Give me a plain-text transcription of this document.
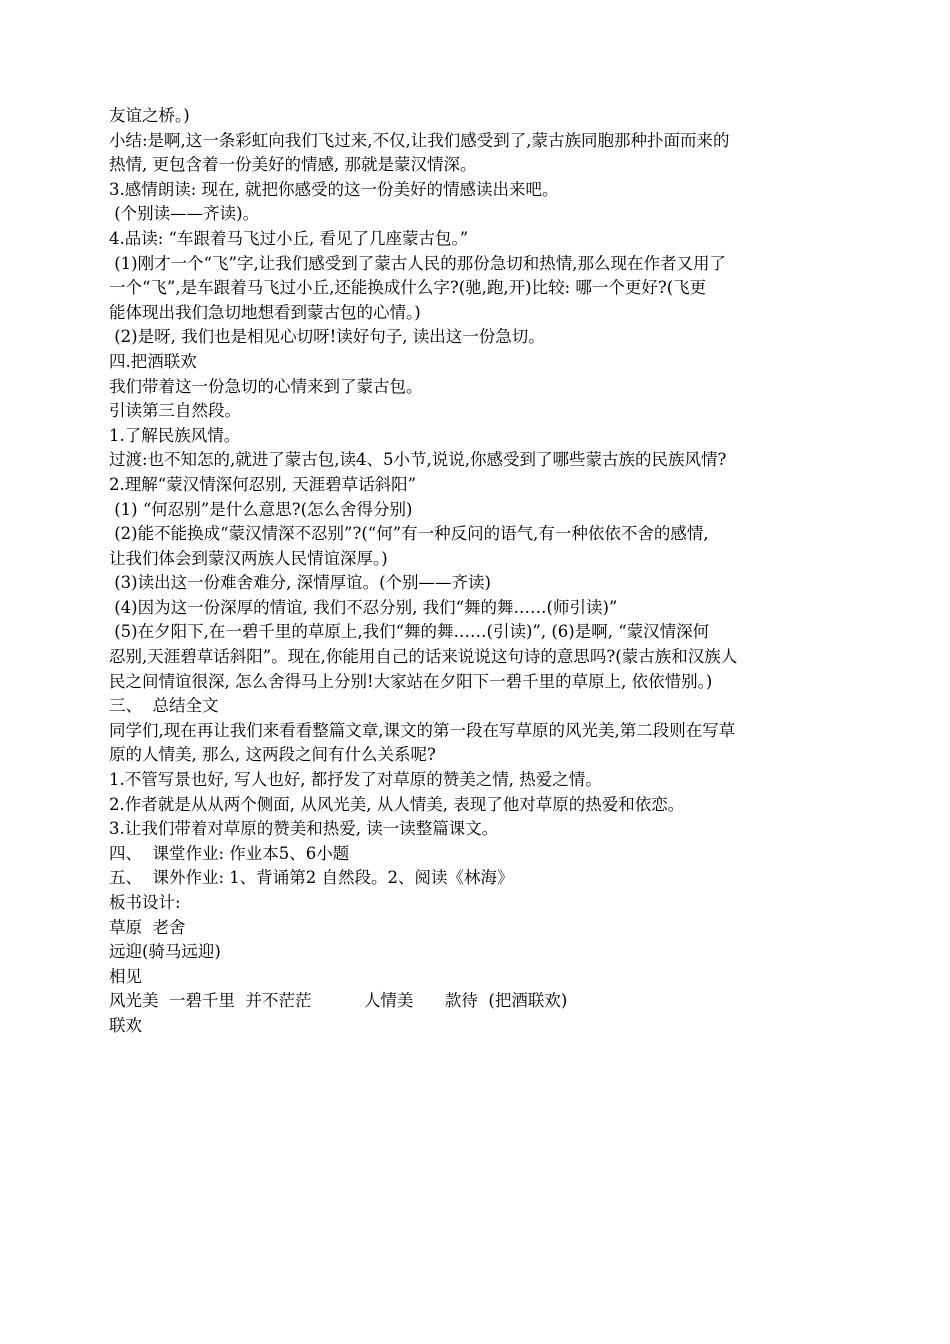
友谊之桥。)
小结:是啊,这一条彩虹向我们飞过来,不仅,让我们感受到了,蒙古族同胞那种扑面而来的
热情, 更包含着一份美好的情感, 那就是蒙汉情深。
3.感情朗读: 现在, 就把你感受的这一份美好的情感读出来吧。
(个别读——齐读)。
4.品读: “车跟着马飞过小丘, 看见了几座蒙古包。”
(1)刚才一个“飞”字,让我们感受到了蒙古人民的那份急切和热情,那么现在作者又用了
一个“飞”,是车跟着马飞过小丘,还能换成什么字?(驰,跑,开)比较: 哪一个更好?(飞更
能体现出我们急切地想看到蒙古包的心情。)
(2)是呀, 我们也是相见心切呀!读好句子, 读出这一份急切。
四.把酒联欢
我们带着这一份急切的心情来到了蒙古包。
引读第三自然段。
1.了解民族风情。
过渡:也不知怎的,就进了蒙古包,读4、5小节,说说,你感受到了哪些蒙古族的民族风情?
2.理解“蒙汉情深何忍别, 天涯碧草话斜阳”
(1) “何忍别”是什么意思?(怎么舍得分别)
(2)能不能换成“蒙汉情深不忍别”?(“何”有一种反问的语气,有一种依依不舍的感情,
让我们体会到蒙汉两族人民情谊深厚。)
(3)读出这一份难舍难分, 深情厚谊。(个别——齐读)
(4)因为这一份深厚的情谊, 我们不忍分别, 我们“舞的舞……(师引读)”
(5)在夕阳下,在一碧千里的草原上,我们“舞的舞……(引读)”, (6)是啊, “蒙汉情深何
忍别,天涯碧草话斜阳”。现在,你能用自己的话来说说这句诗的意思吗?(蒙古族和汉族人
民之间情谊很深, 怎么舍得马上分别!大家站在夕阳下一碧千里的草原上, 依依惜别。)
三、  总结全文
同学们,现在再让我们来看看整篇文章,课文的第一段在写草原的风光美,第二段则在写草
原的人情美, 那么, 这两段之间有什么关系呢?
1.不管写景也好, 写人也好, 都抒发了对草原的赞美之情, 热爱之情。
2.作者就是从从两个侧面, 从风光美, 从人情美, 表现了他对草原的热爱和依恋。
3.让我们带着对草原的赞美和热爱, 读一读整篇课文。
四、  课堂作业: 作业本5、6小题
五、  课外作业: 1、背诵第2 自然段。2、阅读《林海》
板书设计:
草原  老舍
远迎(骑马远迎)
相见
风光美  一碧千里  并不茫茫          人情美      款待  (把酒联欢)
联欢
